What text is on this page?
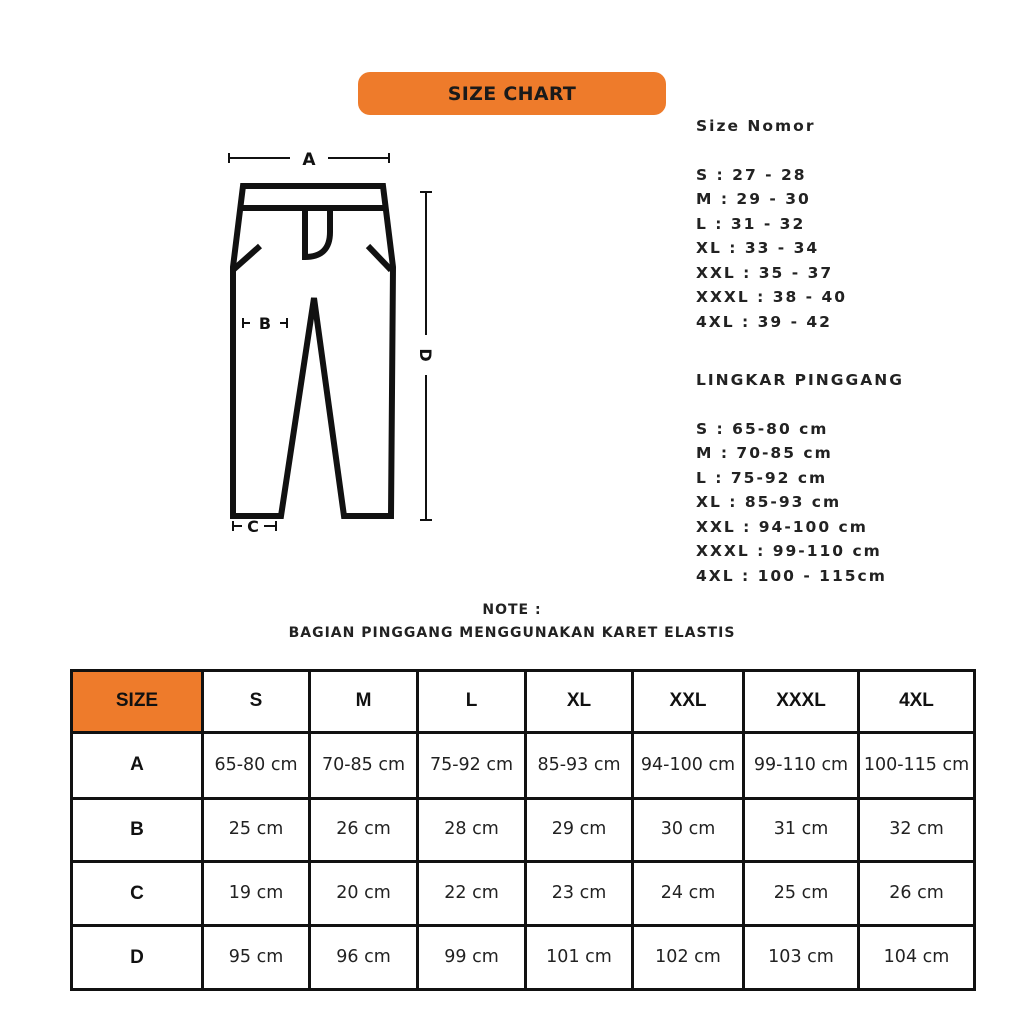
SIZE CHART
A
B
C
D
Size Nomor
S : 27 - 28
M : 29 - 30
L : 31 - 32
XL : 33 - 34
XXL : 35 - 37
XXXL : 38 - 40
4XL : 39 - 42
LINGKAR PINGGANG
S : 65-80 cm
M : 70-85 cm
L : 75-92 cm
XL : 85-93 cm
XXL : 94-100 cm
XXXL : 99-110 cm
4XL : 100 - 115cm
NOTE :
BAGIAN PINGGANG MENGGUNAKAN KARET ELASTIS
SIZE	S	M	L	XL	XXL	XXXL	4XL
A	65-80 cm	70-85 cm	75-92 cm	85-93 cm	94-100 cm	99-110 cm	100-115 cm
B	25 cm	26 cm	28 cm	29 cm	30 cm	31 cm	32 cm
C	19 cm	20 cm	22 cm	23 cm	24 cm	25 cm	26 cm
D	95 cm	96 cm	99 cm	101 cm	102 cm	103 cm	104 cm
